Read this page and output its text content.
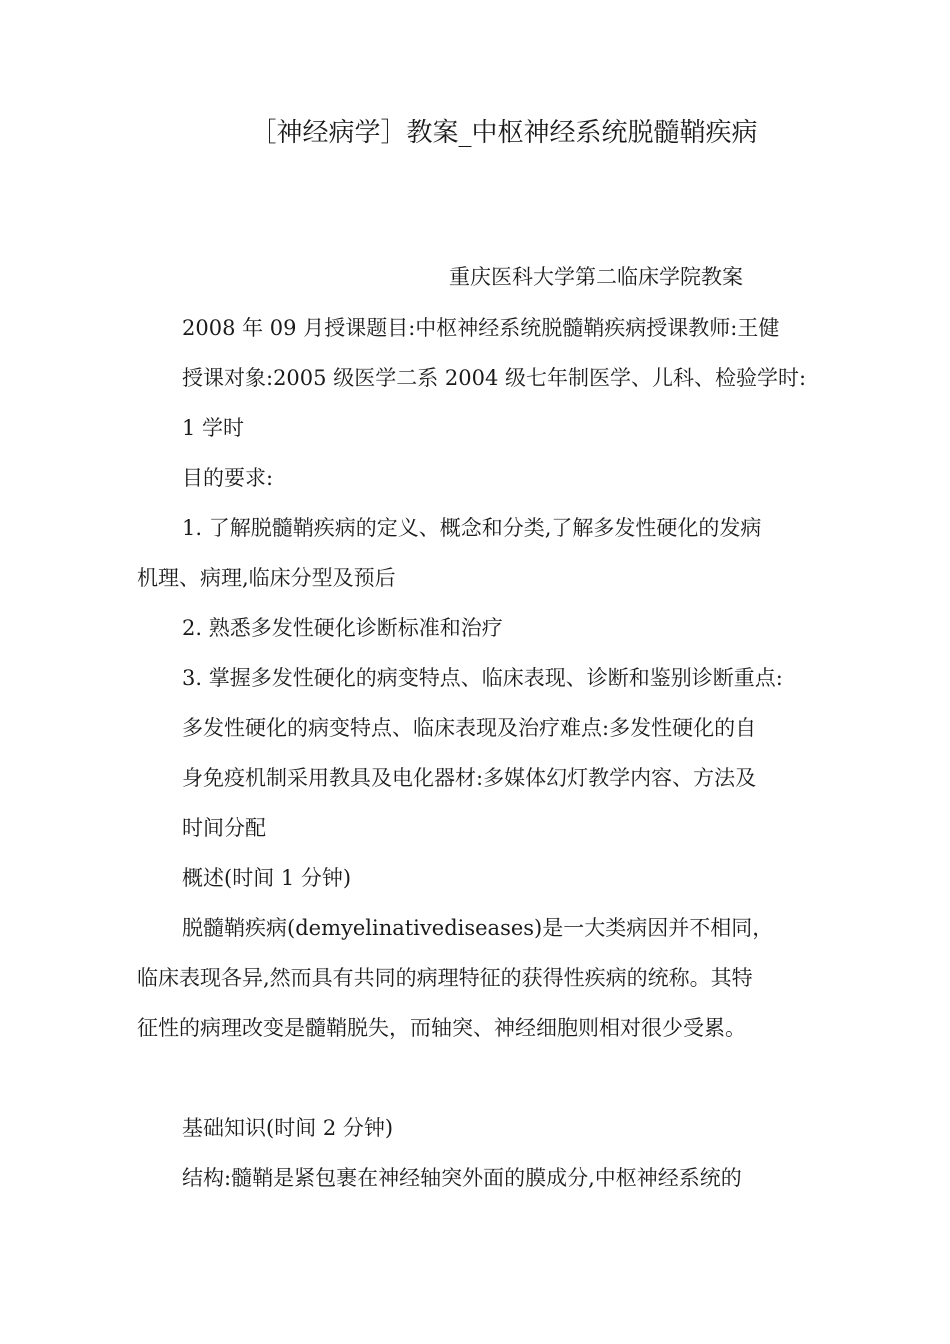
［神经病学］教案_中枢神经系统脱髓鞘疾病
重庆医科大学第二临床学院教案
2008 年 09 月授课题目:中枢神经系统脱髓鞘疾病授课教师:王健
授课对象:2005 级医学二系 2004 级七年制医学、儿科、检验学时:
1 学时
目的要求:
1. 了解脱髓鞘疾病的定义、概念和分类,了解多发性硬化的发病
机理、病理,临床分型及预后
2. 熟悉多发性硬化诊断标准和治疗
3. 掌握多发性硬化的病变特点、临床表现、诊断和鉴别诊断重点:
多发性硬化的病变特点、临床表现及治疗难点:多发性硬化的自
身免疫机制采用教具及电化器材:多媒体幻灯教学内容、方法及
时间分配
概述(时间 1 分钟)
脱髓鞘疾病(demyelinativediseases)是一大类病因并不相同，
临床表现各异,然而具有共同的病理特征的获得性疾病的统称。其特
征性的病理改变是髓鞘脱失，而轴突、神经细胞则相对很少受累。
基础知识(时间 2 分钟)
结构:髓鞘是紧包裹在神经轴突外面的膜成分,中枢神经系统的
